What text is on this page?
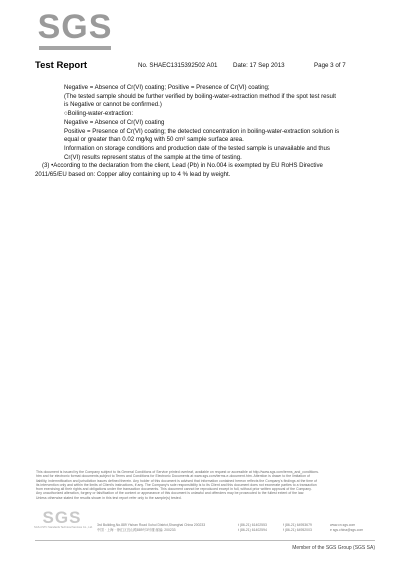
SGS
Test Report	No. SHAEC1315392502 A01	Date: 17 Sep 2013	Page 3 of 7
Negative = Absence of Cr(VI) coating; Positive = Presence of Cr(VI) coating;
(The tested sample should be further verified by boiling-water-extraction method if the spot test result
is Negative or cannot be confirmed.)
○Boiling-water-extraction:
Negative = Absence of Cr(VI) coating
Positive = Presence of Cr(VI) coating; the detected concentration in boiling-water-extraction solution is
equal or greater than 0.02 mg/kg with 50 cm² sample surface area.
Information on storage conditions and production date of the tested sample is unavailable and thus
Cr(VI) results represent status of the sample at the time of testing.
(3) •According to the declaration from the client, Lead (Pb) in No.004 is exempted by EU RoHS Directive
2011/65/EU based on: Copper alloy containing up to 4 % lead by weight.
This document is issued by the Company subject to its General Conditions of Service printed overleaf, available on request or accessible at http://www.sgs.com/terms_and_conditions.
htm and for electronic format documents,subject to Terms and Conditions for Electronic Documents at www.sgs.com/terms-e-document.htm. Attention is drawn to the limitation of
liability, indemnification and jurisdiction issues defined therein. Any holder of this document is advised that information contained hereon reflects the Company's findings at the time of
its intervention only and within the limits of Client's instructions, if any. The Company's sole responsibility is to its Client and this document does not exonerate parties to a transaction
from exercising all their rights and obligations under the transaction documents. This document cannot be reproduced except in full, without prior written approval of the Company.
Any unauthorized alteration, forgery or falsification of the content or appearance of this document is unlawful and offenders may be prosecuted to the fullest extent of the law.
Unless otherwise stated the results shown in this test report refer only to the sample(s) tested.
SGS
SGS-CSTC Standards Technical Services Co., Ltd.
3rd Building,No.889 Yishan Road Xuhui District,Shanghai China 200233
中国 · 上海 · 徐汇区宜山路889号3号楼 邮编: 200233
t (86-21) 61402553
t (86-21) 61402594
f (86-21) 64953679
f (86-21) 64952003
www.cn.sgs.com
e sgs.china@sgs.com
Member of the SGS Group (SGS SA)
